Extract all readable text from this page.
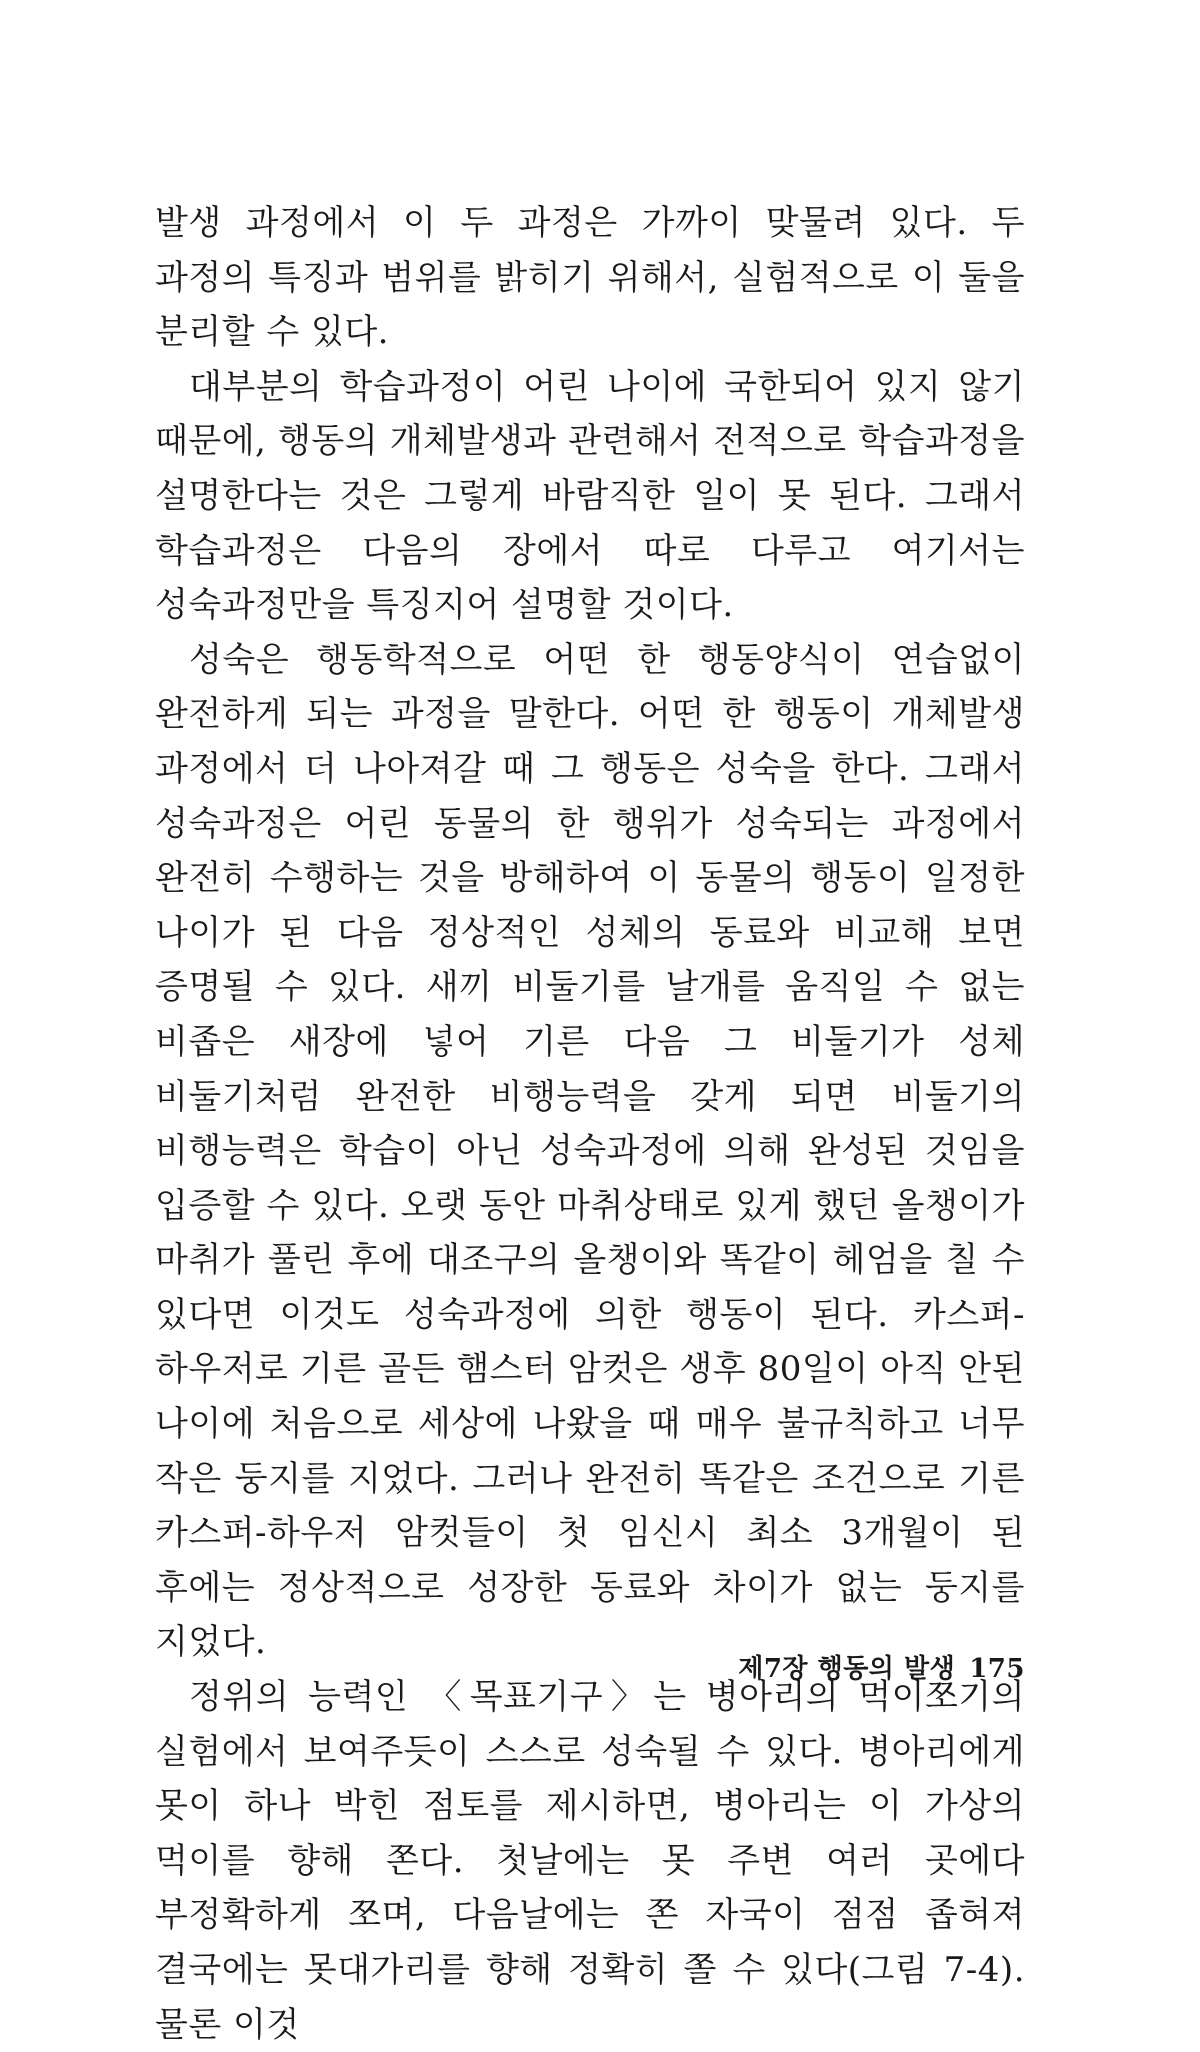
발생 과정에서 이 두 과정은 가까이 맞물려 있다. 두 과정의 특징과 범위를 밝히기 위해서, 실험적으로 이 둘을 분리할 수 있다.

대부분의 학습과정이 어린 나이에 국한되어 있지 않기 때문에, 행동의 개체발생과 관련해서 전적으로 학습과정을 설명한다는 것은 그렇게 바람직한 일이 못 된다. 그래서 학습과정은 다음의 장에서 따로 다루고 여기서는 성숙과정만을 특징지어 설명할 것이다.

성숙은 행동학적으로 어떤 한 행동양식이 연습없이 완전하게 되는 과정을 말한다. 어떤 한 행동이 개체발생 과정에서 더 나아져갈 때 그 행동은 성숙을 한다. 그래서 성숙과정은 어린 동물의 한 행위가 성숙되는 과정에서 완전히 수행하는 것을 방해하여 이 동물의 행동이 일정한 나이가 된 다음 정상적인 성체의 동료와 비교해 보면 증명될 수 있다. 새끼 비둘기를 날개를 움직일 수 없는 비좁은 새장에 넣어 기른 다음 그 비둘기가 성체 비둘기처럼 완전한 비행능력을 갖게 되면 비둘기의 비행능력은 학습이 아닌 성숙과정에 의해 완성된 것임을 입증할 수 있다. 오랫 동안 마취상태로 있게 했던 올챙이가 마취가 풀린 후에 대조구의 올챙이와 똑같이 헤엄을 칠 수 있다면 이것도 성숙과정에 의한 행동이 된다. 카스퍼-하우저로 기른 골든 햄스터 암컷은 생후 80일이 아직 안된 나이에 처음으로 세상에 나왔을 때 매우 불규칙하고 너무 작은 둥지를 지었다. 그러나 완전히 똑같은 조건으로 기른 카스퍼-하우저 암컷들이 첫 임신시 최소 3개월이 된 후에는 정상적으로 성장한 동료와 차이가 없는 둥지를 지었다.

정위의 능력인 〈목표기구〉는 병아리의 먹이쪼기의 실험에서 보여주듯이 스스로 성숙될 수 있다. 병아리에게 못이 하나 박힌 점토를 제시하면, 병아리는 이 가상의 먹이를 향해 쫀다. 첫날에는 못 주변 여러 곳에다 부정확하게 쪼며, 다음날에는 쫀 자국이 점점 좁혀져 결국에는 못대가리를 향해 정확히 쫄 수 있다(그림 7-4). 물론 이것

제7장 행동의 발생 175
